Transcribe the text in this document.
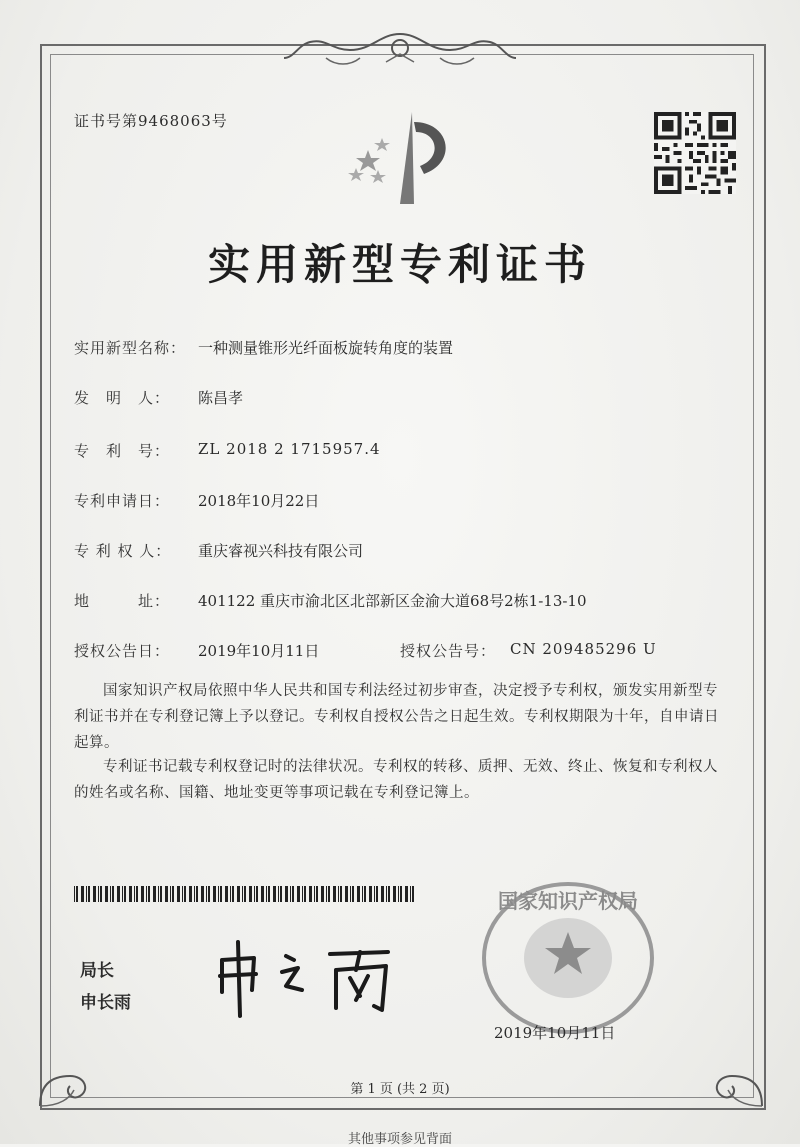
证书号第9468063号
实用新型专利证书
实用新型名称： 一种测量锥形光纤面板旋转角度的装置
发　明　人： 陈昌孝
专　利　号： ZL 2018 2 1715957.4
专利申请日： 2018年10月22日
专 利 权 人： 重庆睿视兴科技有限公司
地　　　址： 401122 重庆市渝北区北部新区金渝大道68号2栋1-13-10
授权公告日： 2019年10月11日	授权公告号： CN 209485296 U
国家知识产权局依照中华人民共和国专利法经过初步审查，决定授予专利权，颁发实用新型专利证书并在专利登记簿上予以登记。专利权自授权公告之日起生效。专利权期限为十年，自申请日起算。
专利证书记载专利权登记时的法律状况。专利权的转移、质押、无效、终止、恢复和专利权人的姓名或名称、国籍、地址变更等事项记载在专利登记簿上。
局长
申长雨
国家知识产权局
2019年10月11日
第 1 页 (共 2 页)
其他事项参见背面
